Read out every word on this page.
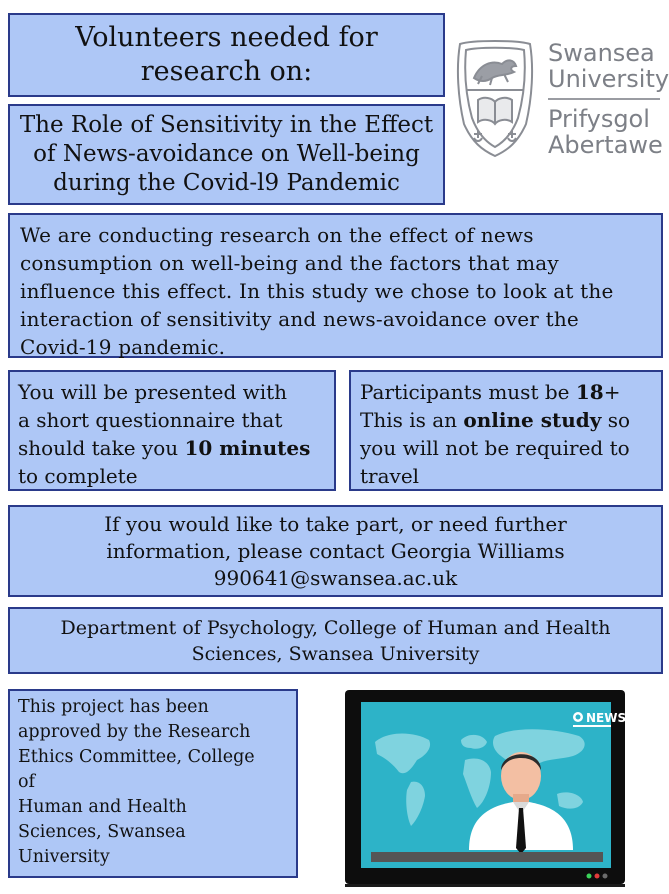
Volunteers needed for
research on:
The Role of Sensitivity in the Effect
of News-avoidance on Well-being
during the Covid-l9 Pandemic
Swansea
University
Prifysgol
Abertawe
We are conducting research on the effect of news
consumption on well-being and the factors that may
influence this effect. In this study we chose to look at the
interaction of sensitivity and news-avoidance over the
Covid-19 pandemic.
You will be presented with
a short questionnaire that
should take you 10 minutes
to complete
Participants must be 18+
This is an online study so
you will not be required to
travel
If you would like to take part, or need further
information, please contact Georgia Williams
990641@swansea.ac.uk
Department of Psychology, College of Human and Health
Sciences, Swansea University
This project has been
approved by the Research
Ethics Committee, College
of
Human and Health
Sciences, Swansea
University
NEWS
